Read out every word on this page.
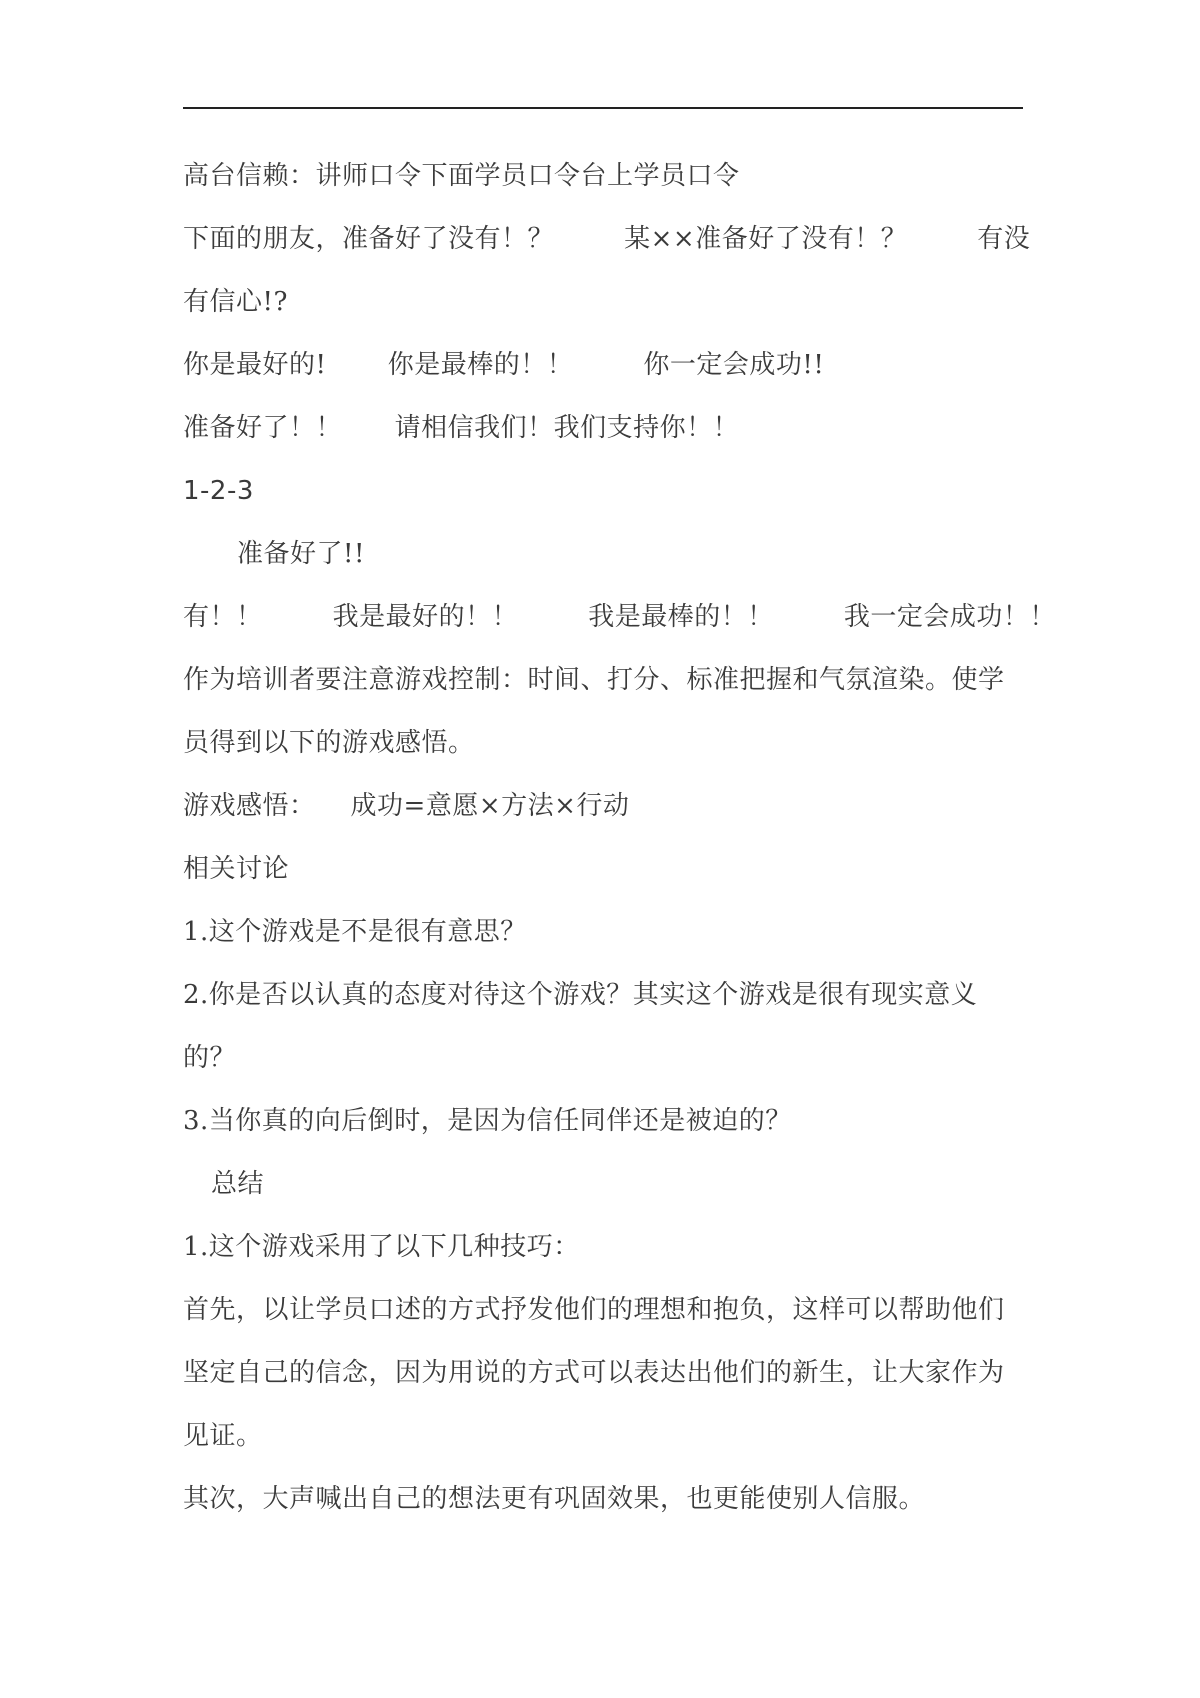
高台信赖：讲师口令下面学员口令台上学员口令
下面的朋友，准备好了没有！？        某××准备好了没有！？        有没
有信心!?
你是最好的!       你是最棒的！！        你一定会成功!!
准备好了！！      请相信我们！我们支持你！！
1-2-3
准备好了!!
有！！        我是最好的！！        我是最棒的！！        我一定会成功！！
作为培训者要注意游戏控制：时间、打分、标准把握和气氛渲染。使学
员得到以下的游戏感悟。
游戏感悟：    成功=意愿×方法×行动
相关讨论
1.这个游戏是不是很有意思？
2.你是否以认真的态度对待这个游戏？其实这个游戏是很有现实意义
的？
3.当你真的向后倒时，是因为信任同伴还是被迫的？
总结
1.这个游戏采用了以下几种技巧：
首先，以让学员口述的方式抒发他们的理想和抱负，这样可以帮助他们
坚定自己的信念，因为用说的方式可以表达出他们的新生，让大家作为
见证。
其次，大声喊出自己的想法更有巩固效果，也更能使别人信服。
